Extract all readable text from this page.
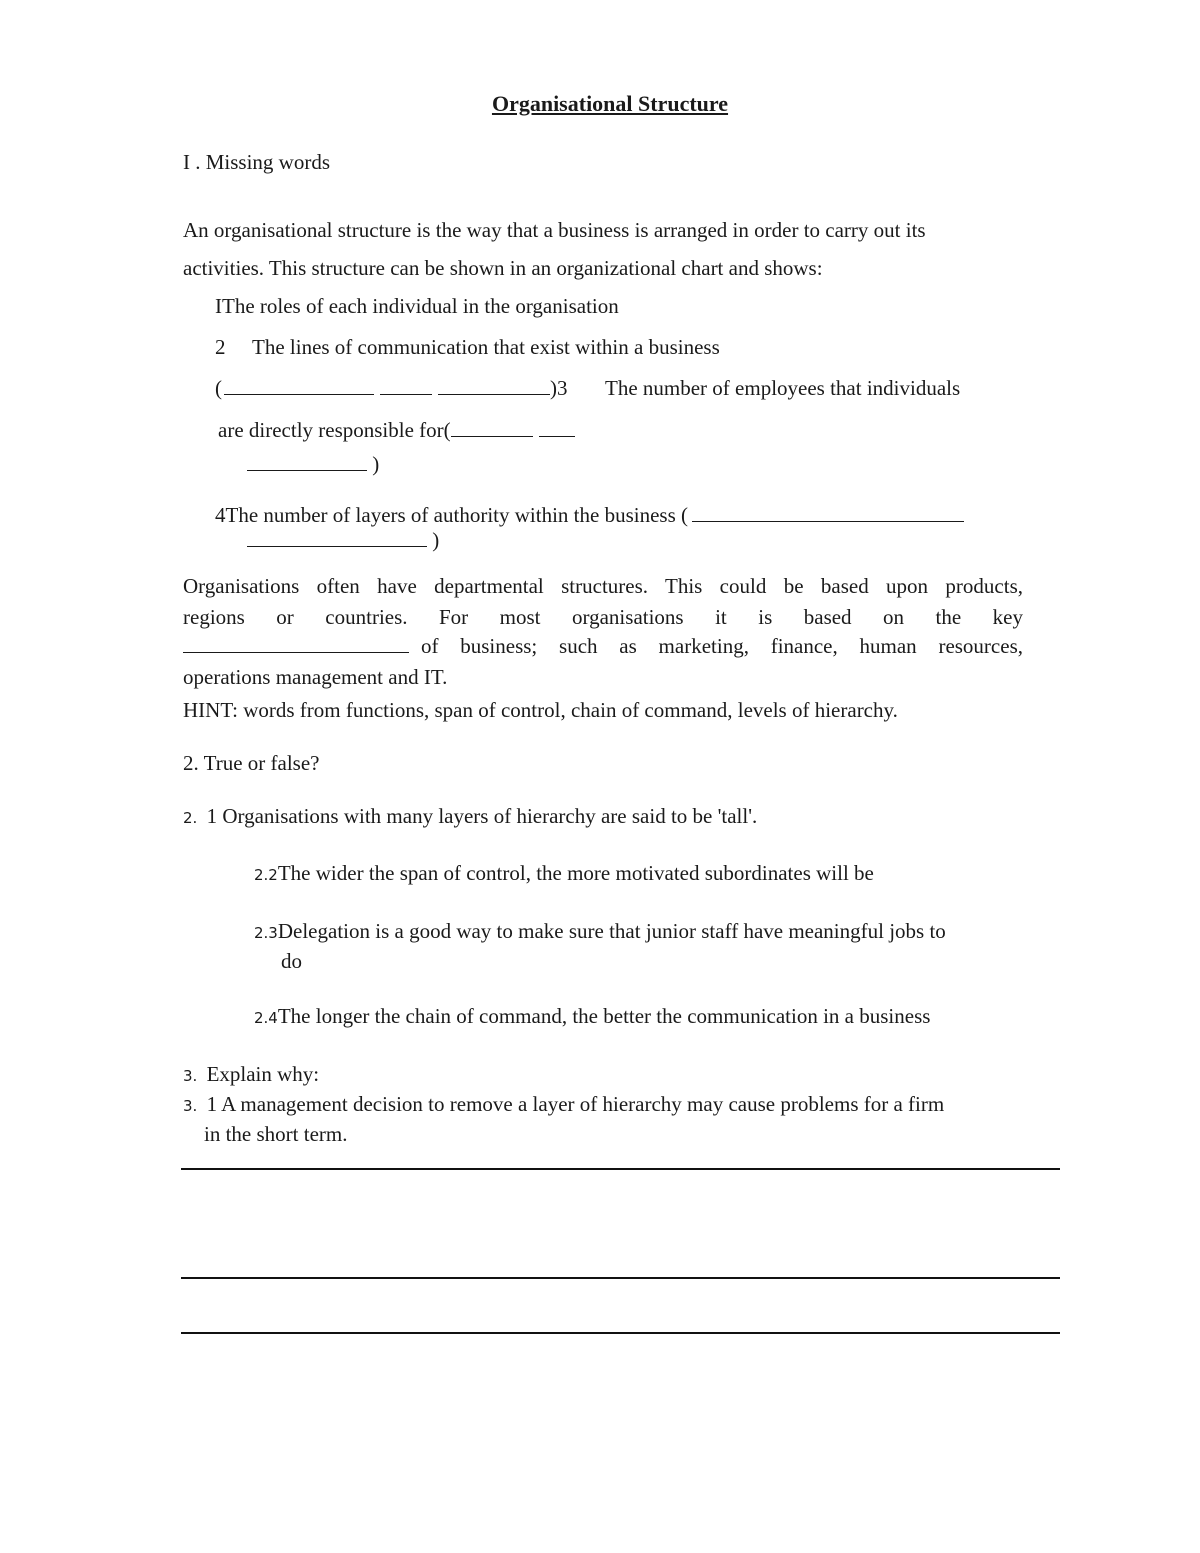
Organisational Structure
I . Missing words
An organisational structure is the way that a business is arranged in order to carry out its
activities. This structure can be shown in an organizational chart and shows:
IThe roles of each individual in the organisation
2 The lines of communication that exist within a business
(	)3 The number of employees that individuals
are directly responsible for(
)
4The number of layers of authority within the business (
)
Organisations often have departmental structures. This could be based upon products,
regions or countries. For most organisations it is based on the key
of business; such as marketing, finance, human resources,
operations management and IT.
HINT: words from functions, span of control, chain of command, levels of hierarchy.
2. True or false?
2. 1 Organisations with many layers of hierarchy are said to be 'tall'.
2.2The wider the span of control, the more motivated subordinates will be
2.3Delegation is a good way to make sure that junior staff have meaningful jobs to
do
2.4The longer the chain of command, the better the communication in a business
3. Explain why:
3. 1 A management decision to remove a layer of hierarchy may cause problems for a firm
in the short term.
